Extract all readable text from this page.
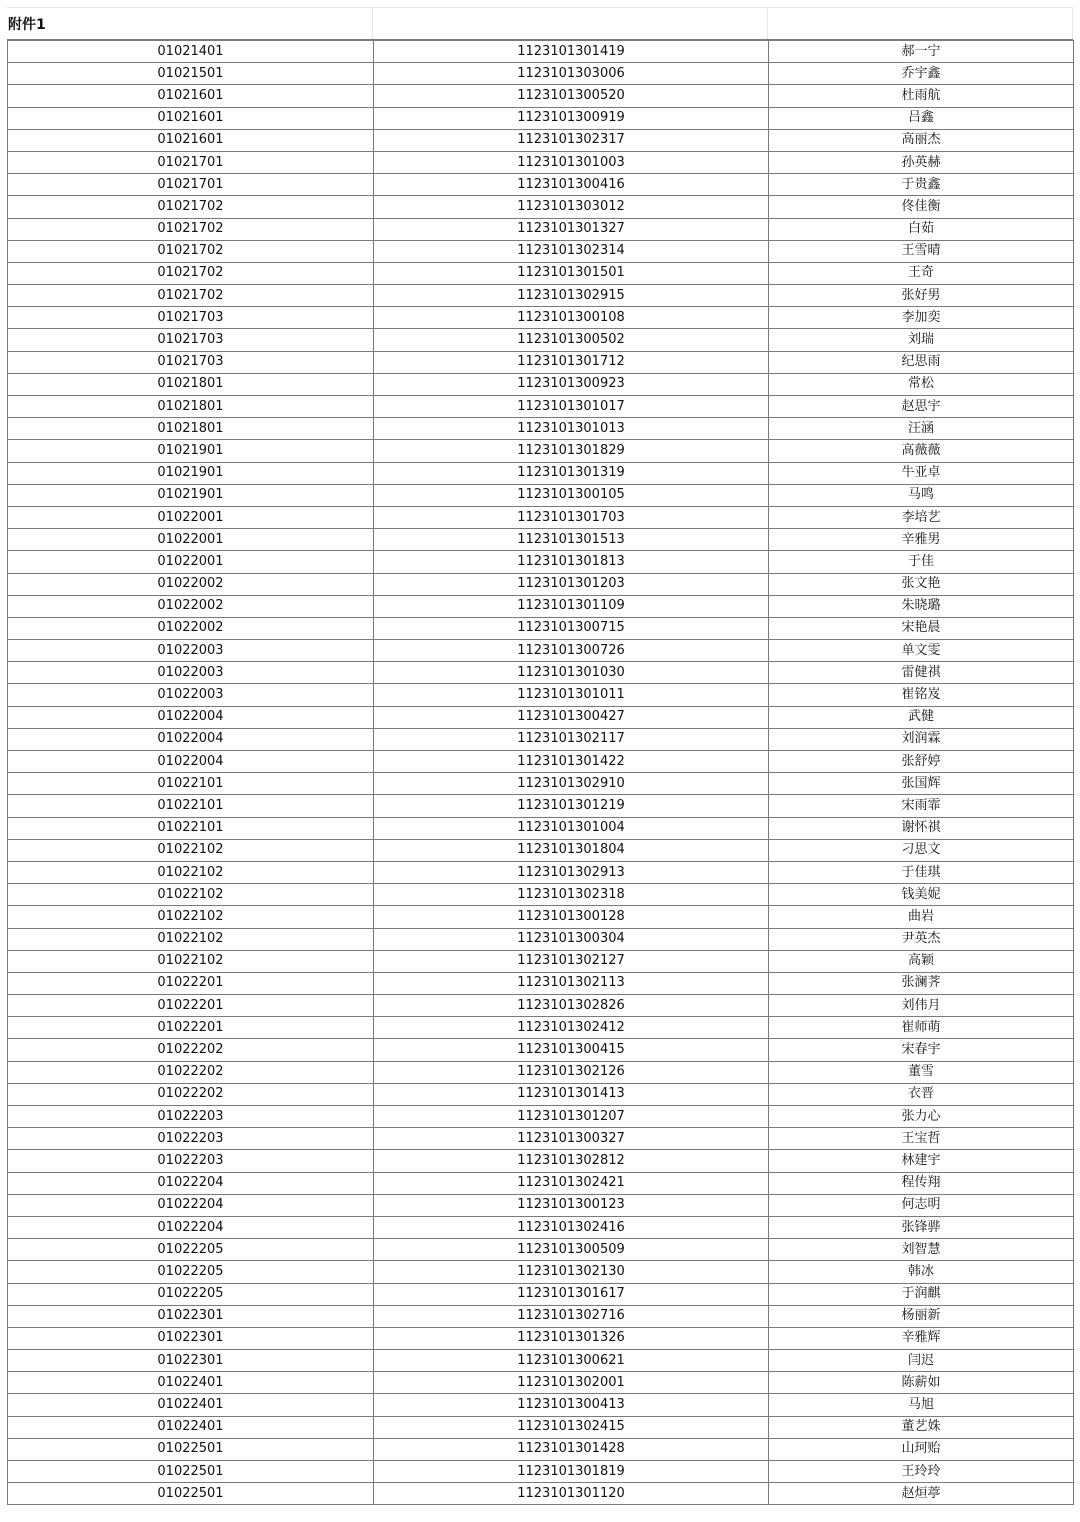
附件1
01021401	1123101301419	郝一宁
01021501	1123101303006	乔宇鑫
01021601	1123101300520	杜雨航
01021601	1123101300919	吕鑫
01021601	1123101302317	高丽杰
01021701	1123101301003	孙英赫
01021701	1123101300416	于贵鑫
01021702	1123101303012	佟佳衡
01021702	1123101301327	白茹
01021702	1123101302314	王雪晴
01021702	1123101301501	王奇
01021702	1123101302915	张好男
01021703	1123101300108	李加奕
01021703	1123101300502	刘瑞
01021703	1123101301712	纪思雨
01021801	1123101300923	常松
01021801	1123101301017	赵思宇
01021801	1123101301013	汪涵
01021901	1123101301829	高薇薇
01021901	1123101301319	牛亚卓
01021901	1123101300105	马鸣
01022001	1123101301703	李培艺
01022001	1123101301513	辛雅男
01022001	1123101301813	于佳
01022002	1123101301203	张文艳
01022002	1123101301109	朱晓璐
01022002	1123101300715	宋艳晨
01022003	1123101300726	单文雯
01022003	1123101301030	雷健祺
01022003	1123101301011	崔铭岌
01022004	1123101300427	武健
01022004	1123101302117	刘润霖
01022004	1123101301422	张舒婷
01022101	1123101302910	张国辉
01022101	1123101301219	宋雨霏
01022101	1123101301004	谢怀祺
01022102	1123101301804	刁思文
01022102	1123101302913	于佳琪
01022102	1123101302318	钱美妮
01022102	1123101300128	曲岩
01022102	1123101300304	尹英杰
01022102	1123101302127	高颖
01022201	1123101302113	张澜荠
01022201	1123101302826	刘伟月
01022201	1123101302412	崔师萌
01022202	1123101300415	宋春宇
01022202	1123101302126	董雪
01022202	1123101301413	衣晋
01022203	1123101301207	张力心
01022203	1123101300327	王宝哲
01022203	1123101302812	林建宇
01022204	1123101302421	程传翔
01022204	1123101300123	何志明
01022204	1123101302416	张锋骅
01022205	1123101300509	刘智慧
01022205	1123101302130	韩冰
01022205	1123101301617	于润麒
01022301	1123101302716	杨丽新
01022301	1123101301326	辛雅辉
01022301	1123101300621	闫迟
01022401	1123101302001	陈薪如
01022401	1123101300413	马旭
01022401	1123101302415	董艺姝
01022501	1123101301428	山珂贻
01022501	1123101301819	王玲玲
01022501	1123101301120	赵烜葶
